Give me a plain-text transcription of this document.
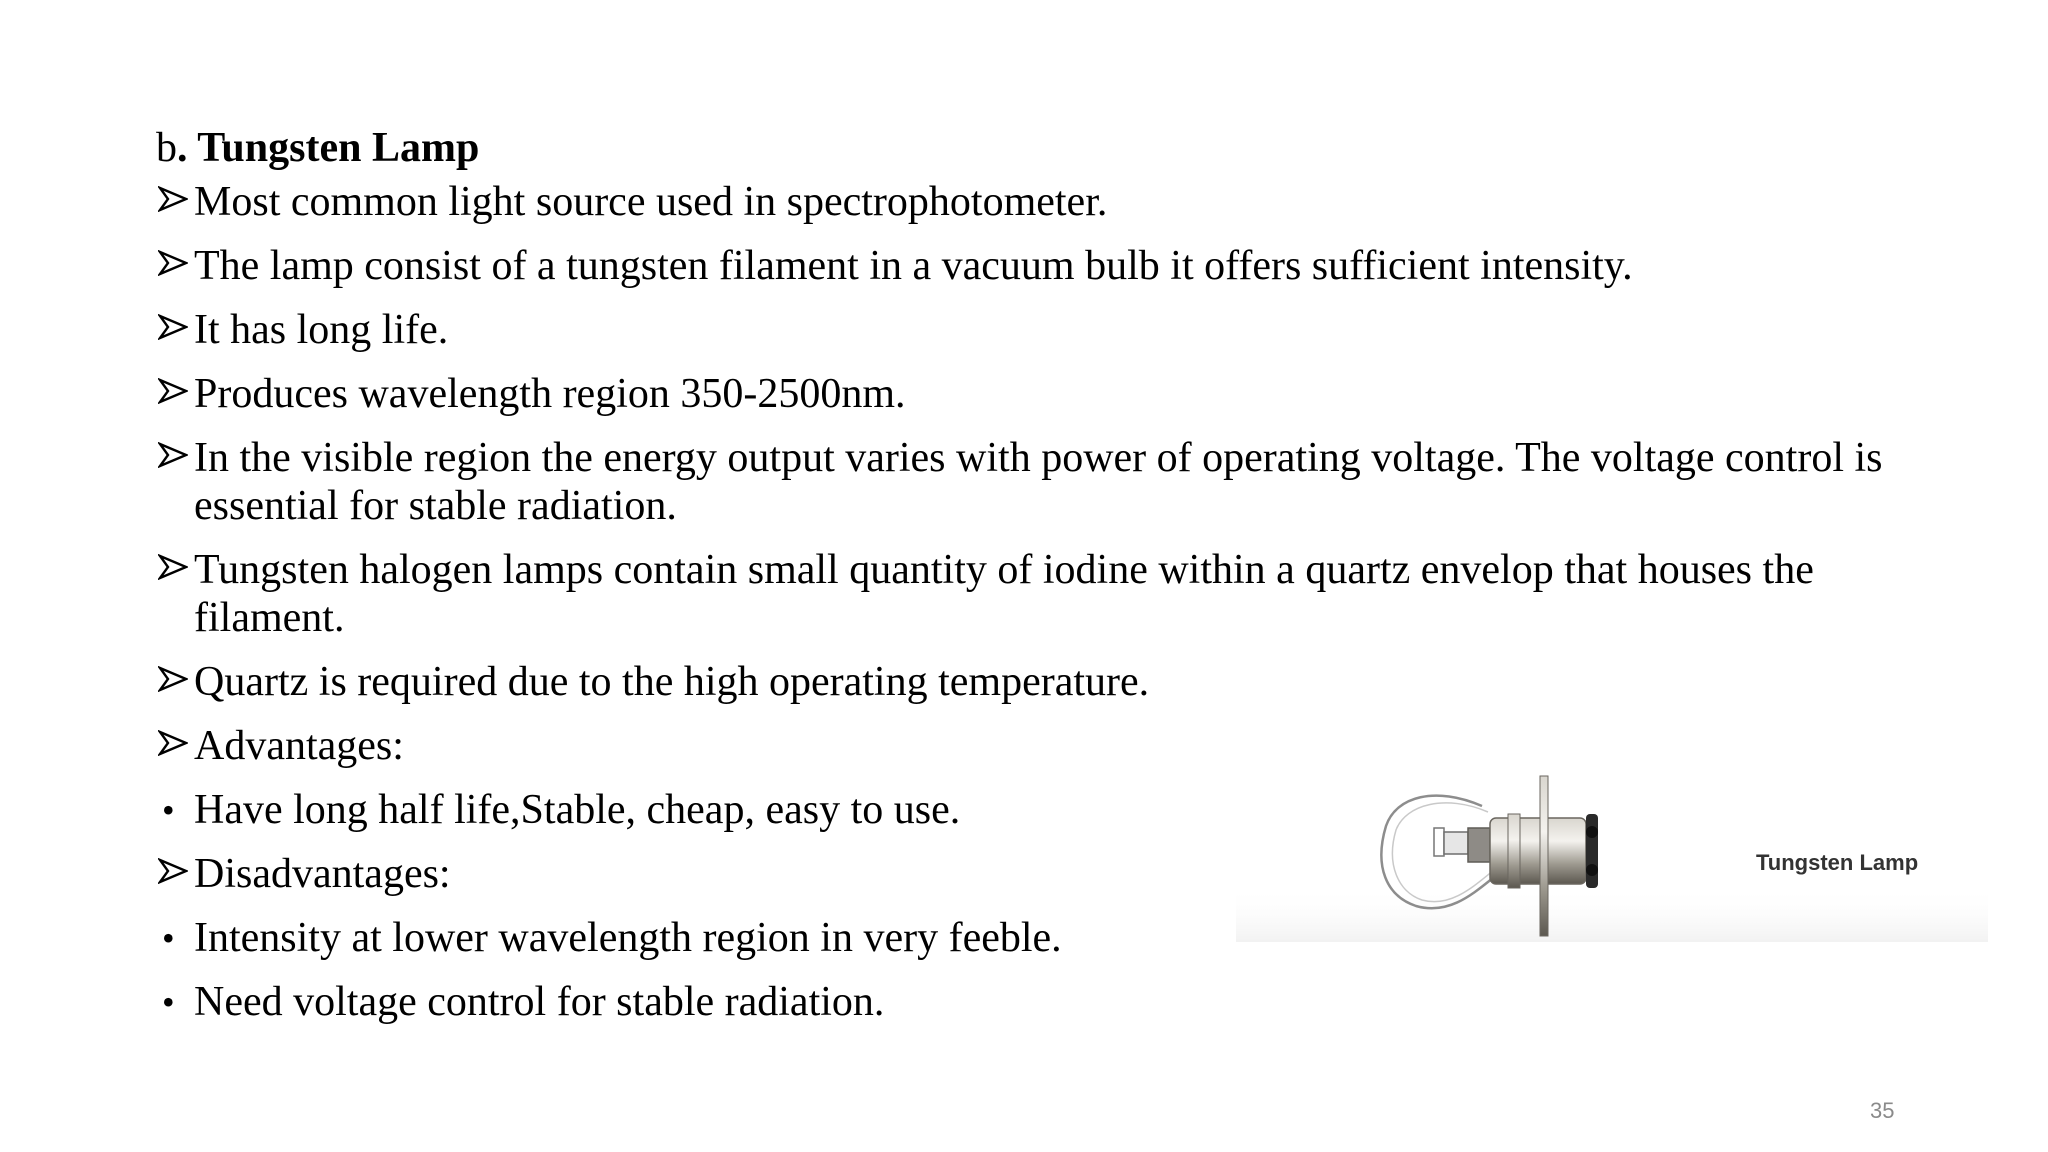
b. Tungsten Lamp
Most common light source used in spectrophotometer.
The lamp consist of a tungsten filament in a vacuum bulb it offers sufficient intensity.
It has long life.
Produces wavelength region 350-2500nm.
In the visible region the energy output varies with power of operating voltage. The voltage control is essential for stable radiation.
Tungsten halogen lamps contain small quantity of iodine within a quartz envelop that houses the filament.
Quartz is required due to the high operating temperature.
Advantages:
• Have long half life,Stable, cheap, easy to use.
Disadvantages:
• Intensity at lower wavelength region in very feeble.
• Need voltage control for stable radiation.
Tungsten Lamp
35
